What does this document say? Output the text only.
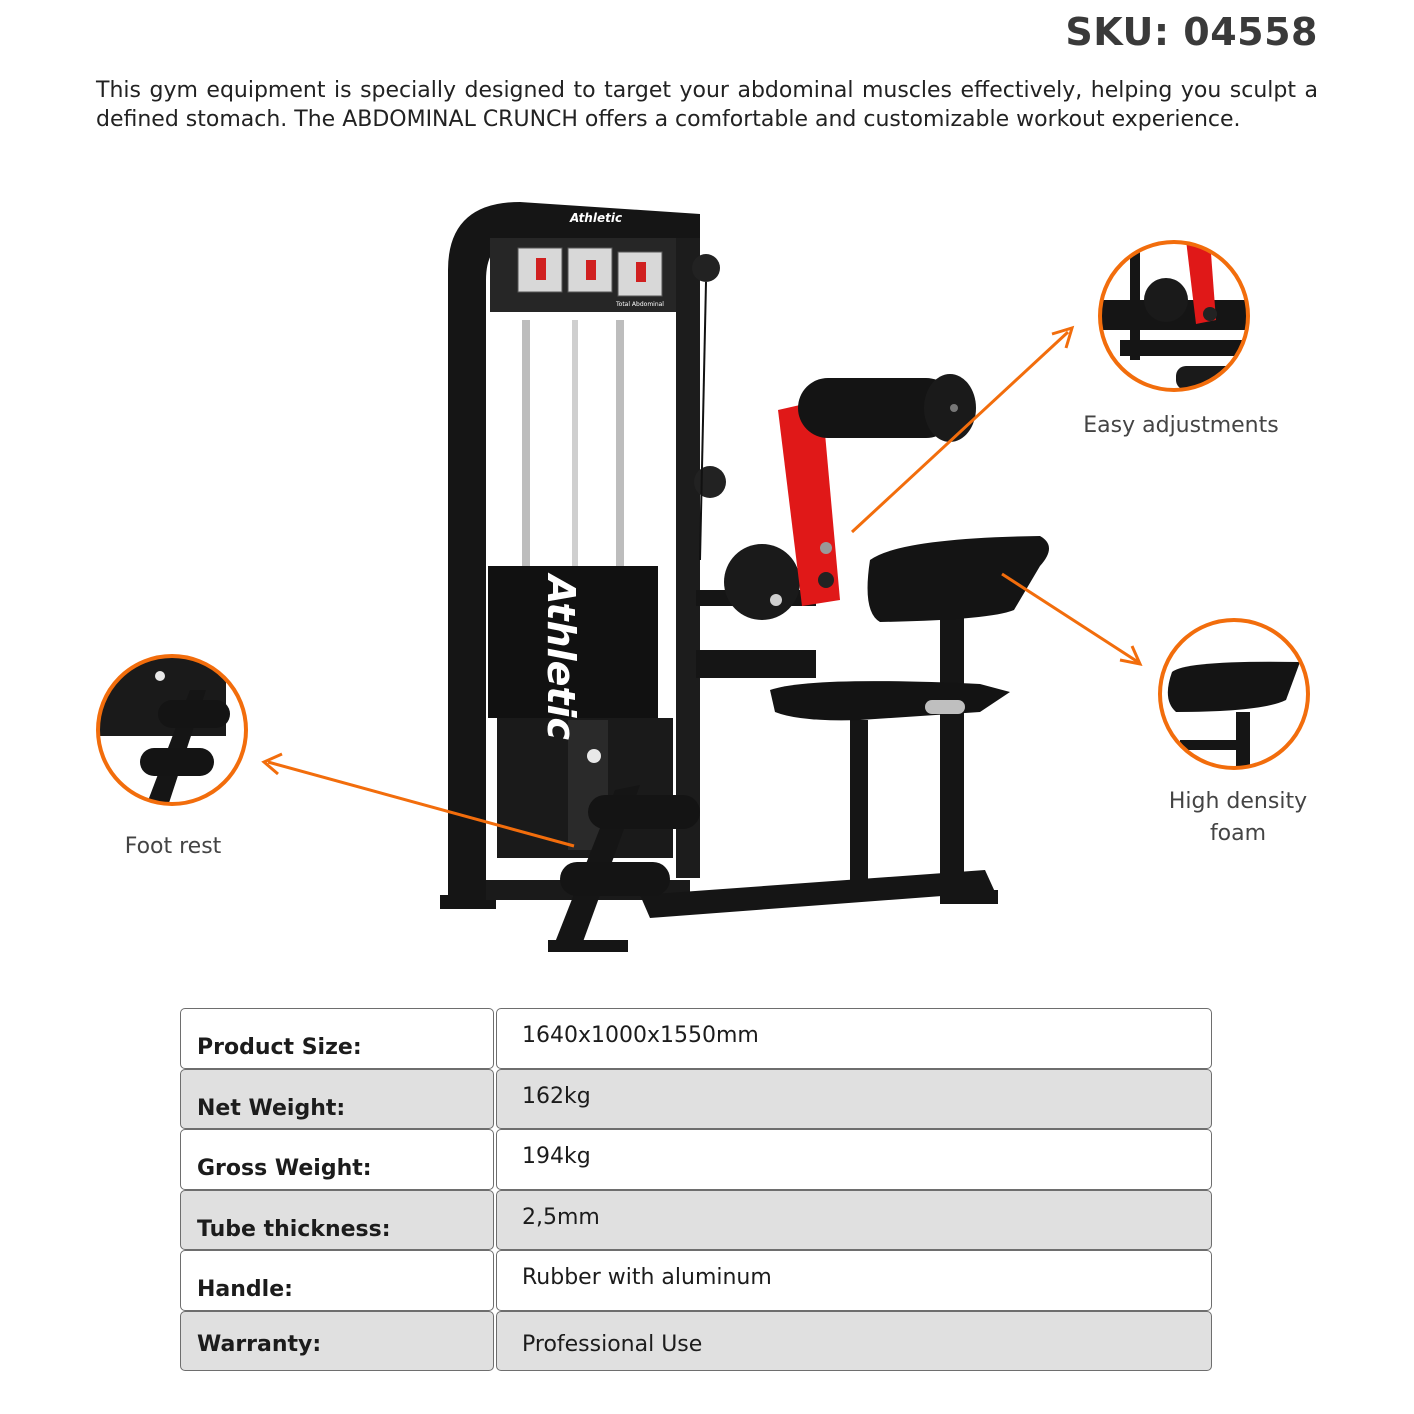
SKU: 04558
This gym equipment is specially designed to target your abdominal muscles effectively, helping you sculpt a defined stomach. The ABDOMINAL CRUNCH offers a comfortable and customizable workout experience.
Athletic
Total Abdominal
Athletic
Easy adjustments
High density
foam
Foot rest
Product Size:	1640x1000x1550mm
Net Weight:	162kg
Gross Weight:	194kg
Tube thickness:	2,5mm
Handle:	Rubber with aluminum
Warranty:	Professional Use
